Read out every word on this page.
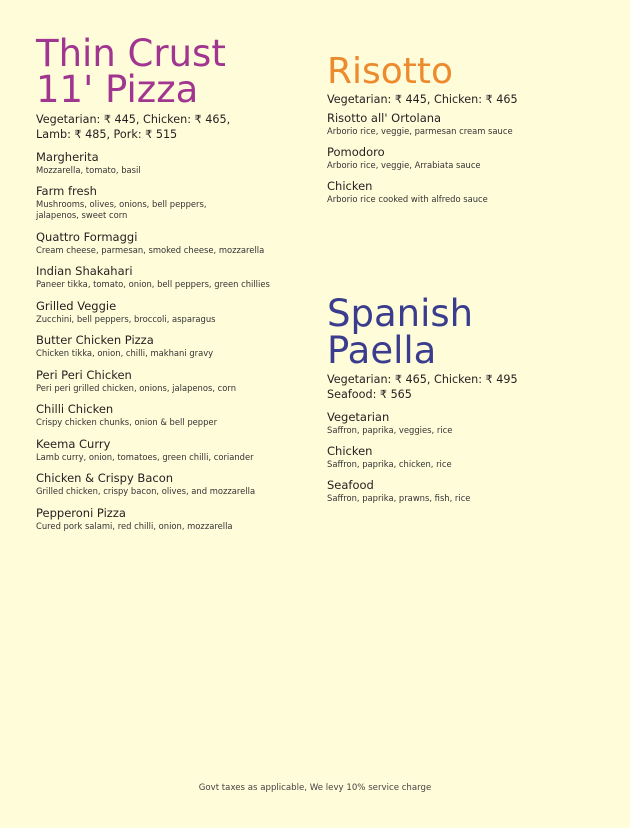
Thin Crust
11' Pizza

Vegetarian: ₹ 445, Chicken: ₹ 465,
Lamb: ₹ 485, Pork: ₹ 515

Margherita
Mozzarella, tomato, basil
Farm fresh
Mushrooms, olives, onions, bell peppers,
jalapenos, sweet corn
Quattro Formaggi
Cream cheese, parmesan, smoked cheese, mozzarella
Indian Shakahari
Paneer tikka, tomato, onion, bell peppers, green chillies
Grilled Veggie
Zucchini, bell peppers, broccoli, asparagus
Butter Chicken Pizza
Chicken tikka, onion, chilli, makhani gravy
Peri Peri Chicken
Peri peri grilled chicken, onions, jalapenos, corn
Chilli Chicken
Crispy chicken chunks, onion & bell pepper
Keema Curry
Lamb curry, onion, tomatoes, green chilli, coriander
Chicken & Crispy Bacon
Grilled chicken, crispy bacon, olives, and mozzarella
Pepperoni Pizza
Cured pork salami, red chilli, onion, mozzarella
Risotto

Vegetarian: ₹ 445, Chicken: ₹ 465

Risotto all' Ortolana
Arborio rice, veggie, parmesan cream sauce
Pomodoro
Arborio rice, veggie, Arrabiata sauce
Chicken
Arborio rice cooked with alfredo sauce
Spanish
Paella

Vegetarian: ₹ 465, Chicken: ₹ 495
Seafood: ₹ 565

Vegetarian
Saffron, paprika, veggies, rice
Chicken
Saffron, paprika, chicken, rice
Seafood
Saffron, paprika, prawns, fish, rice
Govt taxes as applicable, We levy 10% service charge
